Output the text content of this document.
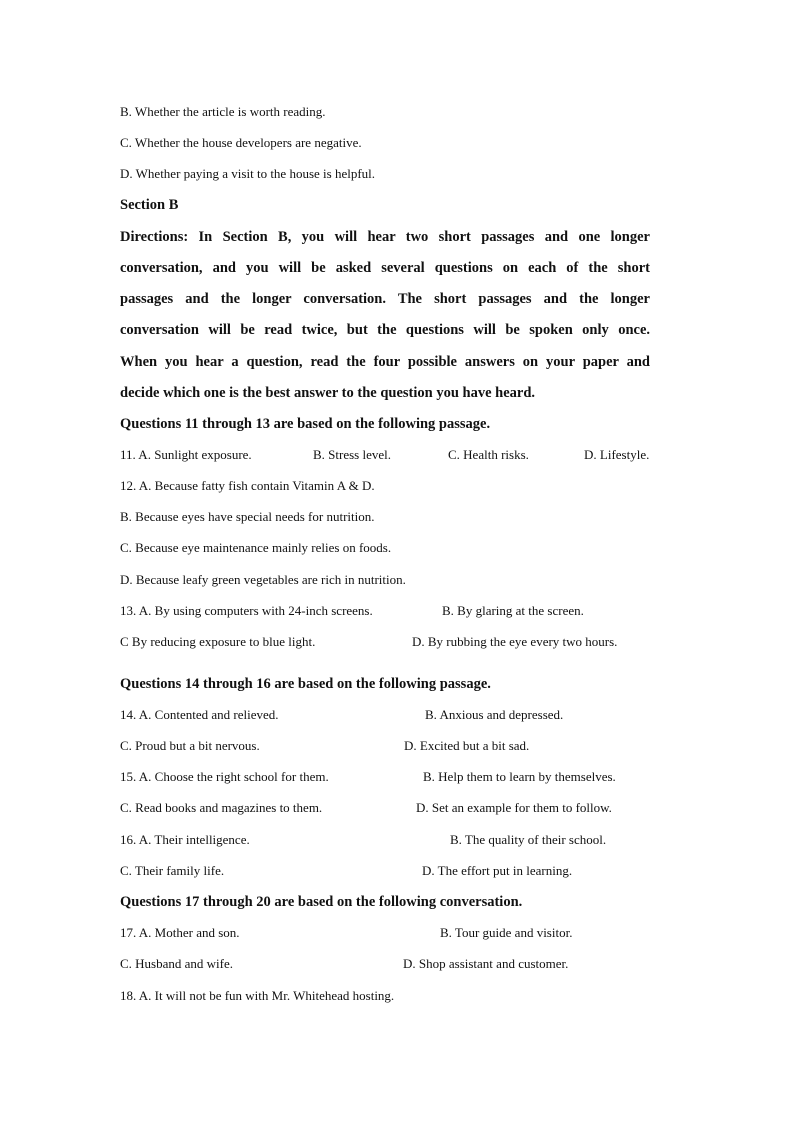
B. Whether the article is worth reading.
C. Whether the house developers are negative.
D. Whether paying a visit to the house is helpful.
Section B
Directions: In Section B, you will hear two short passages and one longer
conversation, and you will be asked several questions on each of the short
passages and the longer conversation. The short passages and the longer
conversation will be read twice, but the questions will be spoken only once.
When you hear a question, read the four possible answers on your paper and
decide which one is the best answer to the question you have heard.
Questions 11 through 13 are based on the following passage.
11. A. Sunlight exposure.	B. Stress level.	C. Health risks.	D. Lifestyle.
12. A. Because fatty fish contain Vitamin A & D.
B. Because eyes have special needs for nutrition.
C. Because eye maintenance mainly relies on foods.
D. Because leafy green vegetables are rich in nutrition.
13. A. By using computers with 24-inch screens.	B. By glaring at the screen.
C By reducing exposure to blue light.	D. By rubbing the eye every two hours.
Questions 14 through 16 are based on the following passage.
14. A. Contented and relieved.	B. Anxious and depressed.
C. Proud but a bit nervous.	D. Excited but a bit sad.
15. A. Choose the right school for them.	B. Help them to learn by themselves.
C. Read books and magazines to them.	D. Set an example for them to follow.
16. A. Their intelligence.	B. The quality of their school.
C. Their family life.	D. The effort put in learning.
Questions 17 through 20 are based on the following conversation.
17. A. Mother and son.	B. Tour guide and visitor.
C. Husband and wife.	D. Shop assistant and customer.
18. A. It will not be fun with Mr. Whitehead hosting.
